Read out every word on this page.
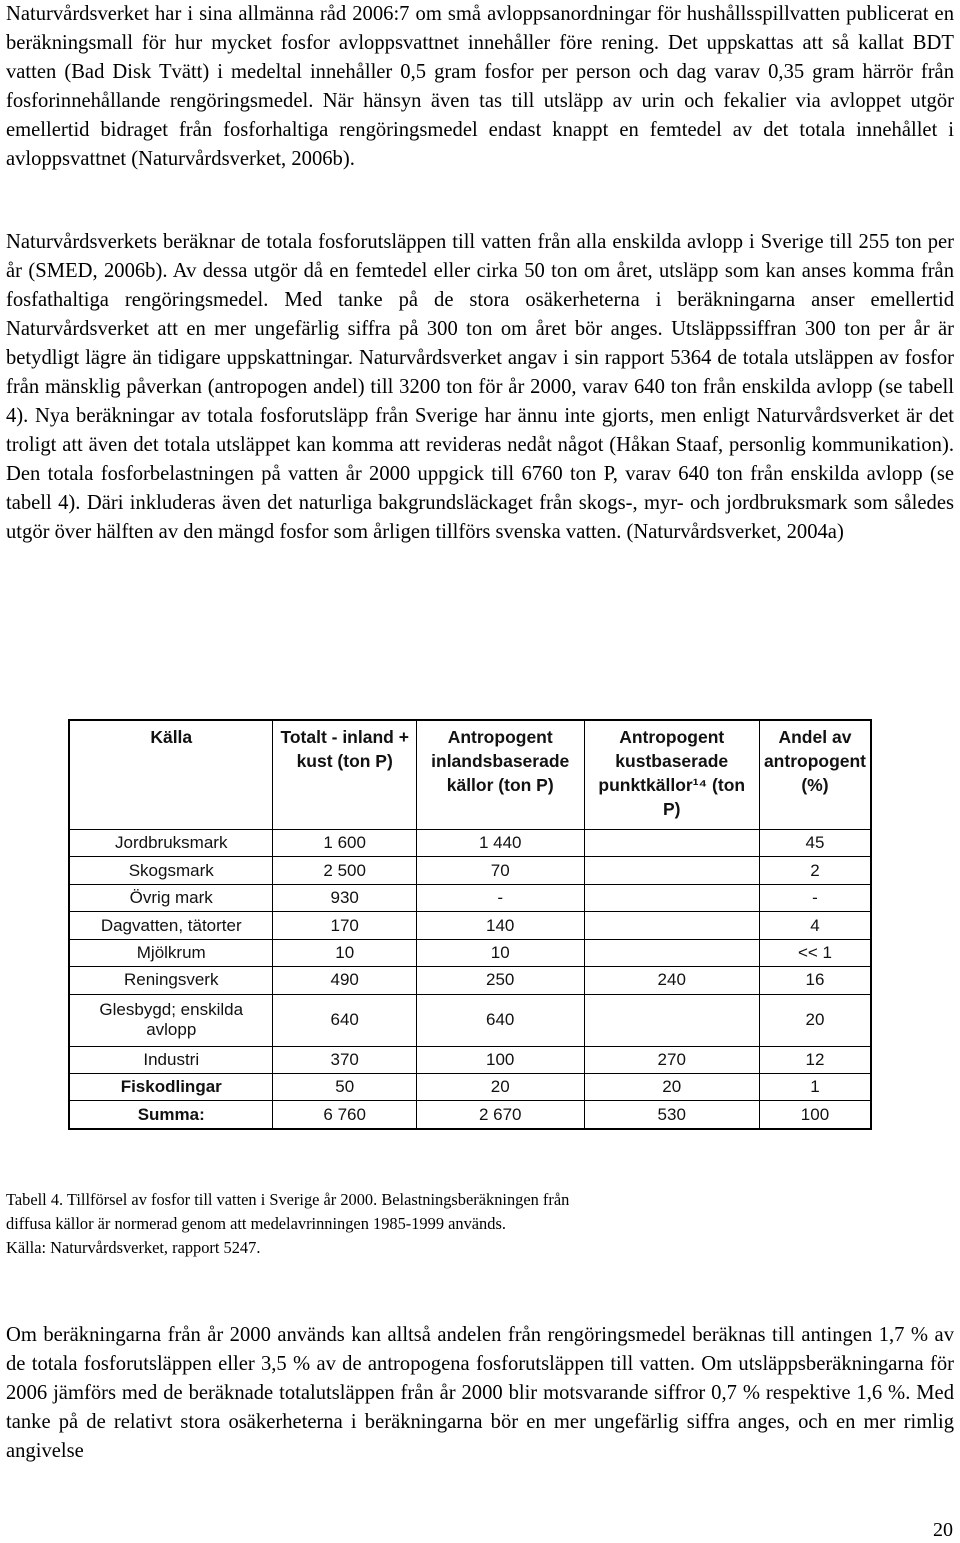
Naturvårdsverket har i sina allmänna råd 2006:7 om små avloppsanordningar för hushållsspillvatten publicerat en beräkningsmall för hur mycket fosfor avloppsvattnet innehåller före rening. Det uppskattas att så kallat BDT vatten (Bad Disk Tvätt) i medeltal innehåller 0,5 gram fosfor per person och dag varav 0,35 gram härrör från fosforinnehållande rengöringsmedel. När hänsyn även tas till utsläpp av urin och fekalier via avloppet utgör emellertid bidraget från fosforhaltiga rengöringsmedel endast knappt en femtedel av det totala innehållet i avloppsvattnet (Naturvårdsverket, 2006b).

Naturvårdsverkets beräknar de totala fosforutsläppen till vatten från alla enskilda avlopp i Sverige till 255 ton per år (SMED, 2006b). Av dessa utgör då en femtedel eller cirka 50 ton om året, utsläpp som kan anses komma från fosfathaltiga rengöringsmedel. Med tanke på de stora osäkerheterna i beräkningarna anser emellertid Naturvårdsverket att en mer ungefärlig siffra på 300 ton om året bör anges. Utsläppssiffran 300 ton per år är betydligt lägre än tidigare uppskattningar. Naturvårdsverket angav i sin rapport 5364 de totala utsläppen av fosfor från mänsklig påverkan (antropogen andel) till 3200 ton för år 2000, varav 640 ton från enskilda avlopp (se tabell 4). Nya beräkningar av totala fosforutsläpp från Sverige har ännu inte gjorts, men enligt Naturvårdsverket är det troligt att även det totala utsläppet kan komma att revideras nedåt något (Håkan Staaf, personlig kommunikation). Den totala fosforbelastningen på vatten år 2000 uppgick till 6760 ton P, varav 640 ton från enskilda avlopp (se tabell 4). Däri inkluderas även det naturliga bakgrundsläckaget från skogs-, myr- och jordbruksmark som således utgör över hälften av den mängd fosfor som årligen tillförs svenska vatten. (Naturvårdsverket, 2004a)

Källa	Totalt - inland + kust (ton P)	Antropogent inlandsbaserade källor (ton P)	Antropogent kustbaserade punktkällor¹⁴ (ton P)	Andel av antropogent (%)
Jordbruksmark	1 600	1 440		45
Skogsmark	2 500	70		2
Övrig mark	930	-		-
Dagvatten, tätorter	170	140		4
Mjölkrum	10	10		<< 1
Reningsverk	490	250	240	16
Glesbygd; enskilda avlopp	640	640		20
Industri	370	100	270	12
Fiskodlingar	50	20	20	1
Summa:	6 760	2 670	530	100

Tabell 4. Tillförsel av fosfor till vatten i Sverige år 2000. Belastningsberäkningen från
diffusa källor är normerad genom att medelavrinningen 1985-1999 används.
Källa: Naturvårdsverket, rapport 5247.

Om beräkningarna från år 2000 används kan alltså andelen från rengöringsmedel beräknas till antingen 1,7 % av de totala fosforutsläppen eller 3,5 % av de antropogena fosforutsläppen till vatten. Om utsläppsberäkningarna för 2006 jämförs med de beräknade totalutsläppen från år 2000 blir motsvarande siffror 0,7 % respektive 1,6 %. Med tanke på de relativt stora osäkerheterna i beräkningarna bör en mer ungefärlig siffra anges, och en mer rimlig angivelse

20
